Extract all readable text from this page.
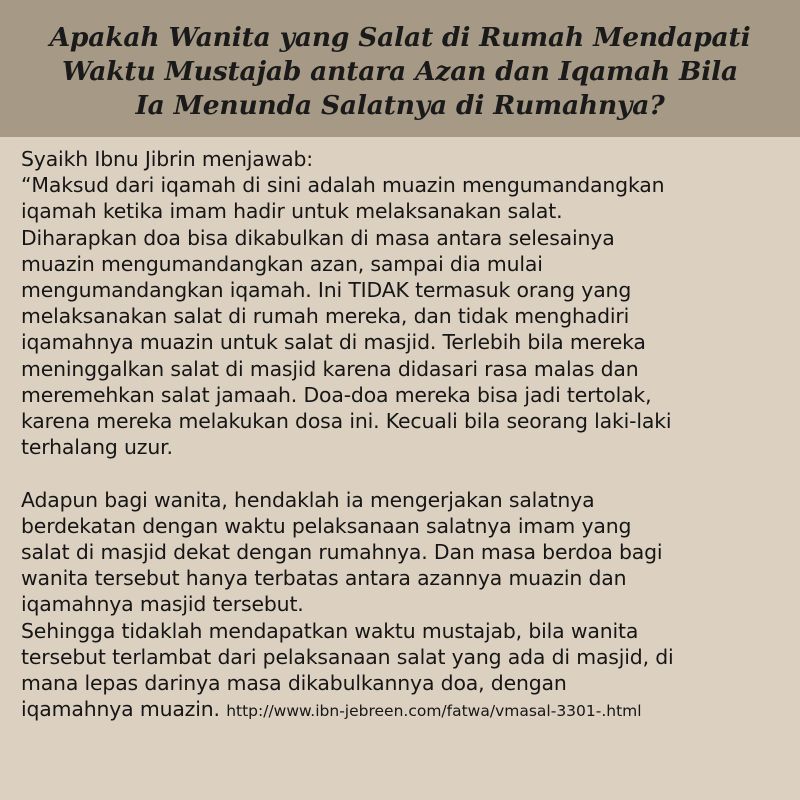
Apakah Wanita yang Salat di Rumah Mendapati
Waktu Mustajab antara Azan dan Iqamah Bila
Ia Menunda Salatnya di Rumahnya?

Syaikh Ibnu Jibrin menjawab:

“Maksud dari iqamah di sini adalah muazin mengumandangkan

iqamah ketika imam hadir untuk melaksanakan salat.

Diharapkan doa bisa dikabulkan di masa antara selesainya

muazin mengumandangkan azan, sampai dia mulai

mengumandangkan iqamah. Ini TIDAK termasuk orang yang

melaksanakan salat di rumah mereka, dan tidak menghadiri

iqamahnya muazin untuk salat di masjid. Terlebih bila mereka

meninggalkan salat di masjid karena didasari rasa malas dan

meremehkan salat jamaah. Doa-doa mereka bisa jadi tertolak,

karena mereka melakukan dosa ini. Kecuali bila seorang laki-laki

terhalang uzur.

Adapun bagi wanita, hendaklah ia mengerjakan salatnya

berdekatan dengan waktu pelaksanaan salatnya imam yang

salat di masjid dekat dengan rumahnya. Dan masa berdoa bagi

wanita tersebut hanya terbatas antara azannya muazin dan

iqamahnya masjid tersebut.

Sehingga tidaklah mendapatkan waktu mustajab, bila wanita

tersebut terlambat dari pelaksanaan salat yang ada di masjid, di

mana lepas darinya masa dikabulkannya doa, dengan

iqamahnya muazin. http://www.ibn-jebreen.com/fatwa/vmasal-3301-.html
